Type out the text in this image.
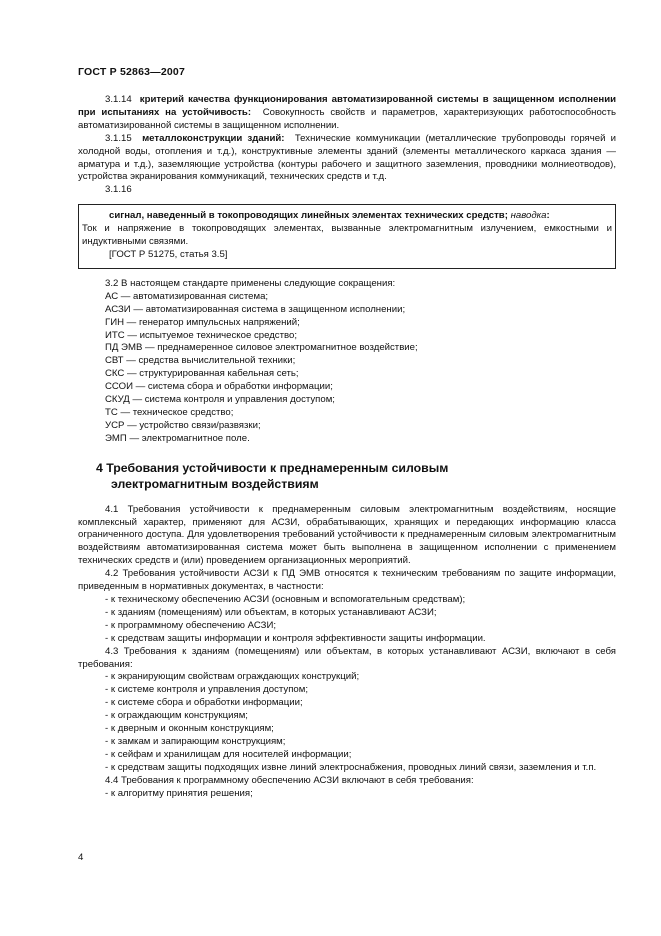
ГОСТ Р 52863—2007

3.1.14 критерий качества функционирования автоматизированной системы в защищенном исполнении при испытаниях на устойчивость: Совокупность свойств и параметров, характеризующих работоспособность автоматизированной системы в защищенном исполнении.

3.1.15 металлоконструкции зданий: Технические коммуникации (металлические трубопроводы горячей и холодной воды, отопления и т.д.), конструктивные элементы зданий (элементы металлического каркаса здания — арматура и т.д.), заземляющие устройства (контуры рабочего и защитного заземления, проводники молниеотводов), устройства экранирования коммуникаций, технических средств и т.д.

3.1.16

сигнал, наведенный в токопроводящих линейных элементах технических средств; наводка:

Ток и напряжение в токопроводящих элементах, вызванные электромагнитным излучением, емкостными и индуктивными связями.

[ГОСТ Р 51275, статья 3.5]

3.2 В настоящем стандарте применены следующие сокращения:

АС — автоматизированная система;

АСЗИ — автоматизированная система в защищенном исполнении;

ГИН — генератор импульсных напряжений;

ИТС — испытуемое техническое средство;

ПД ЭМВ — преднамеренное силовое электромагнитное воздействие;

СВТ — средства вычислительной техники;

СКС — структурированная кабельная сеть;

ССОИ — система сбора и обработки информации;

СКУД — система контроля и управления доступом;

ТС — техническое средство;

УСР — устройство связи/развязки;

ЭМП — электромагнитное поле.

4 Требования устойчивости к преднамеренным силовым
электромагнитным воздействиям

4.1 Требования устойчивости к преднамеренным силовым электромагнитным воздействиям, носящие комплексный характер, применяют для АСЗИ, обрабатывающих, хранящих и передающих информацию класса ограниченного доступа. Для удовлетворения требований устойчивости к преднамеренным силовым электромагнитным воздействиям автоматизированная система может быть выполнена в защищенном исполнении с применением технических средств и (или) проведением организационных мероприятий.

4.2 Требования устойчивости АСЗИ к ПД ЭМВ относятся к техническим требованиям по защите информации, приведенным в нормативных документах, в частности:

- к техническому обеспечению АСЗИ (основным и вспомогательным средствам);

- к зданиям (помещениям) или объектам, в которых устанавливают АСЗИ;

- к программному обеспечению АСЗИ;

- к средствам защиты информации и контроля эффективности защиты информации.

4.3 Требования к зданиям (помещениям) или объектам, в которых устанавливают АСЗИ, включают в себя требования:

- к экранирующим свойствам ограждающих конструкций;

- к системе контроля и управления доступом;

- к системе сбора и обработки информации;

- к ограждающим конструкциям;

- к дверным и оконным конструкциям;

- к замкам и запирающим конструкциям;

- к сейфам и хранилищам для носителей информации;

- к средствам защиты подходящих извне линий электроснабжения, проводных линий связи, заземления и т.п.

4.4 Требования к программному обеспечению АСЗИ включают в себя требования:

- к алгоритму принятия решения;

4
